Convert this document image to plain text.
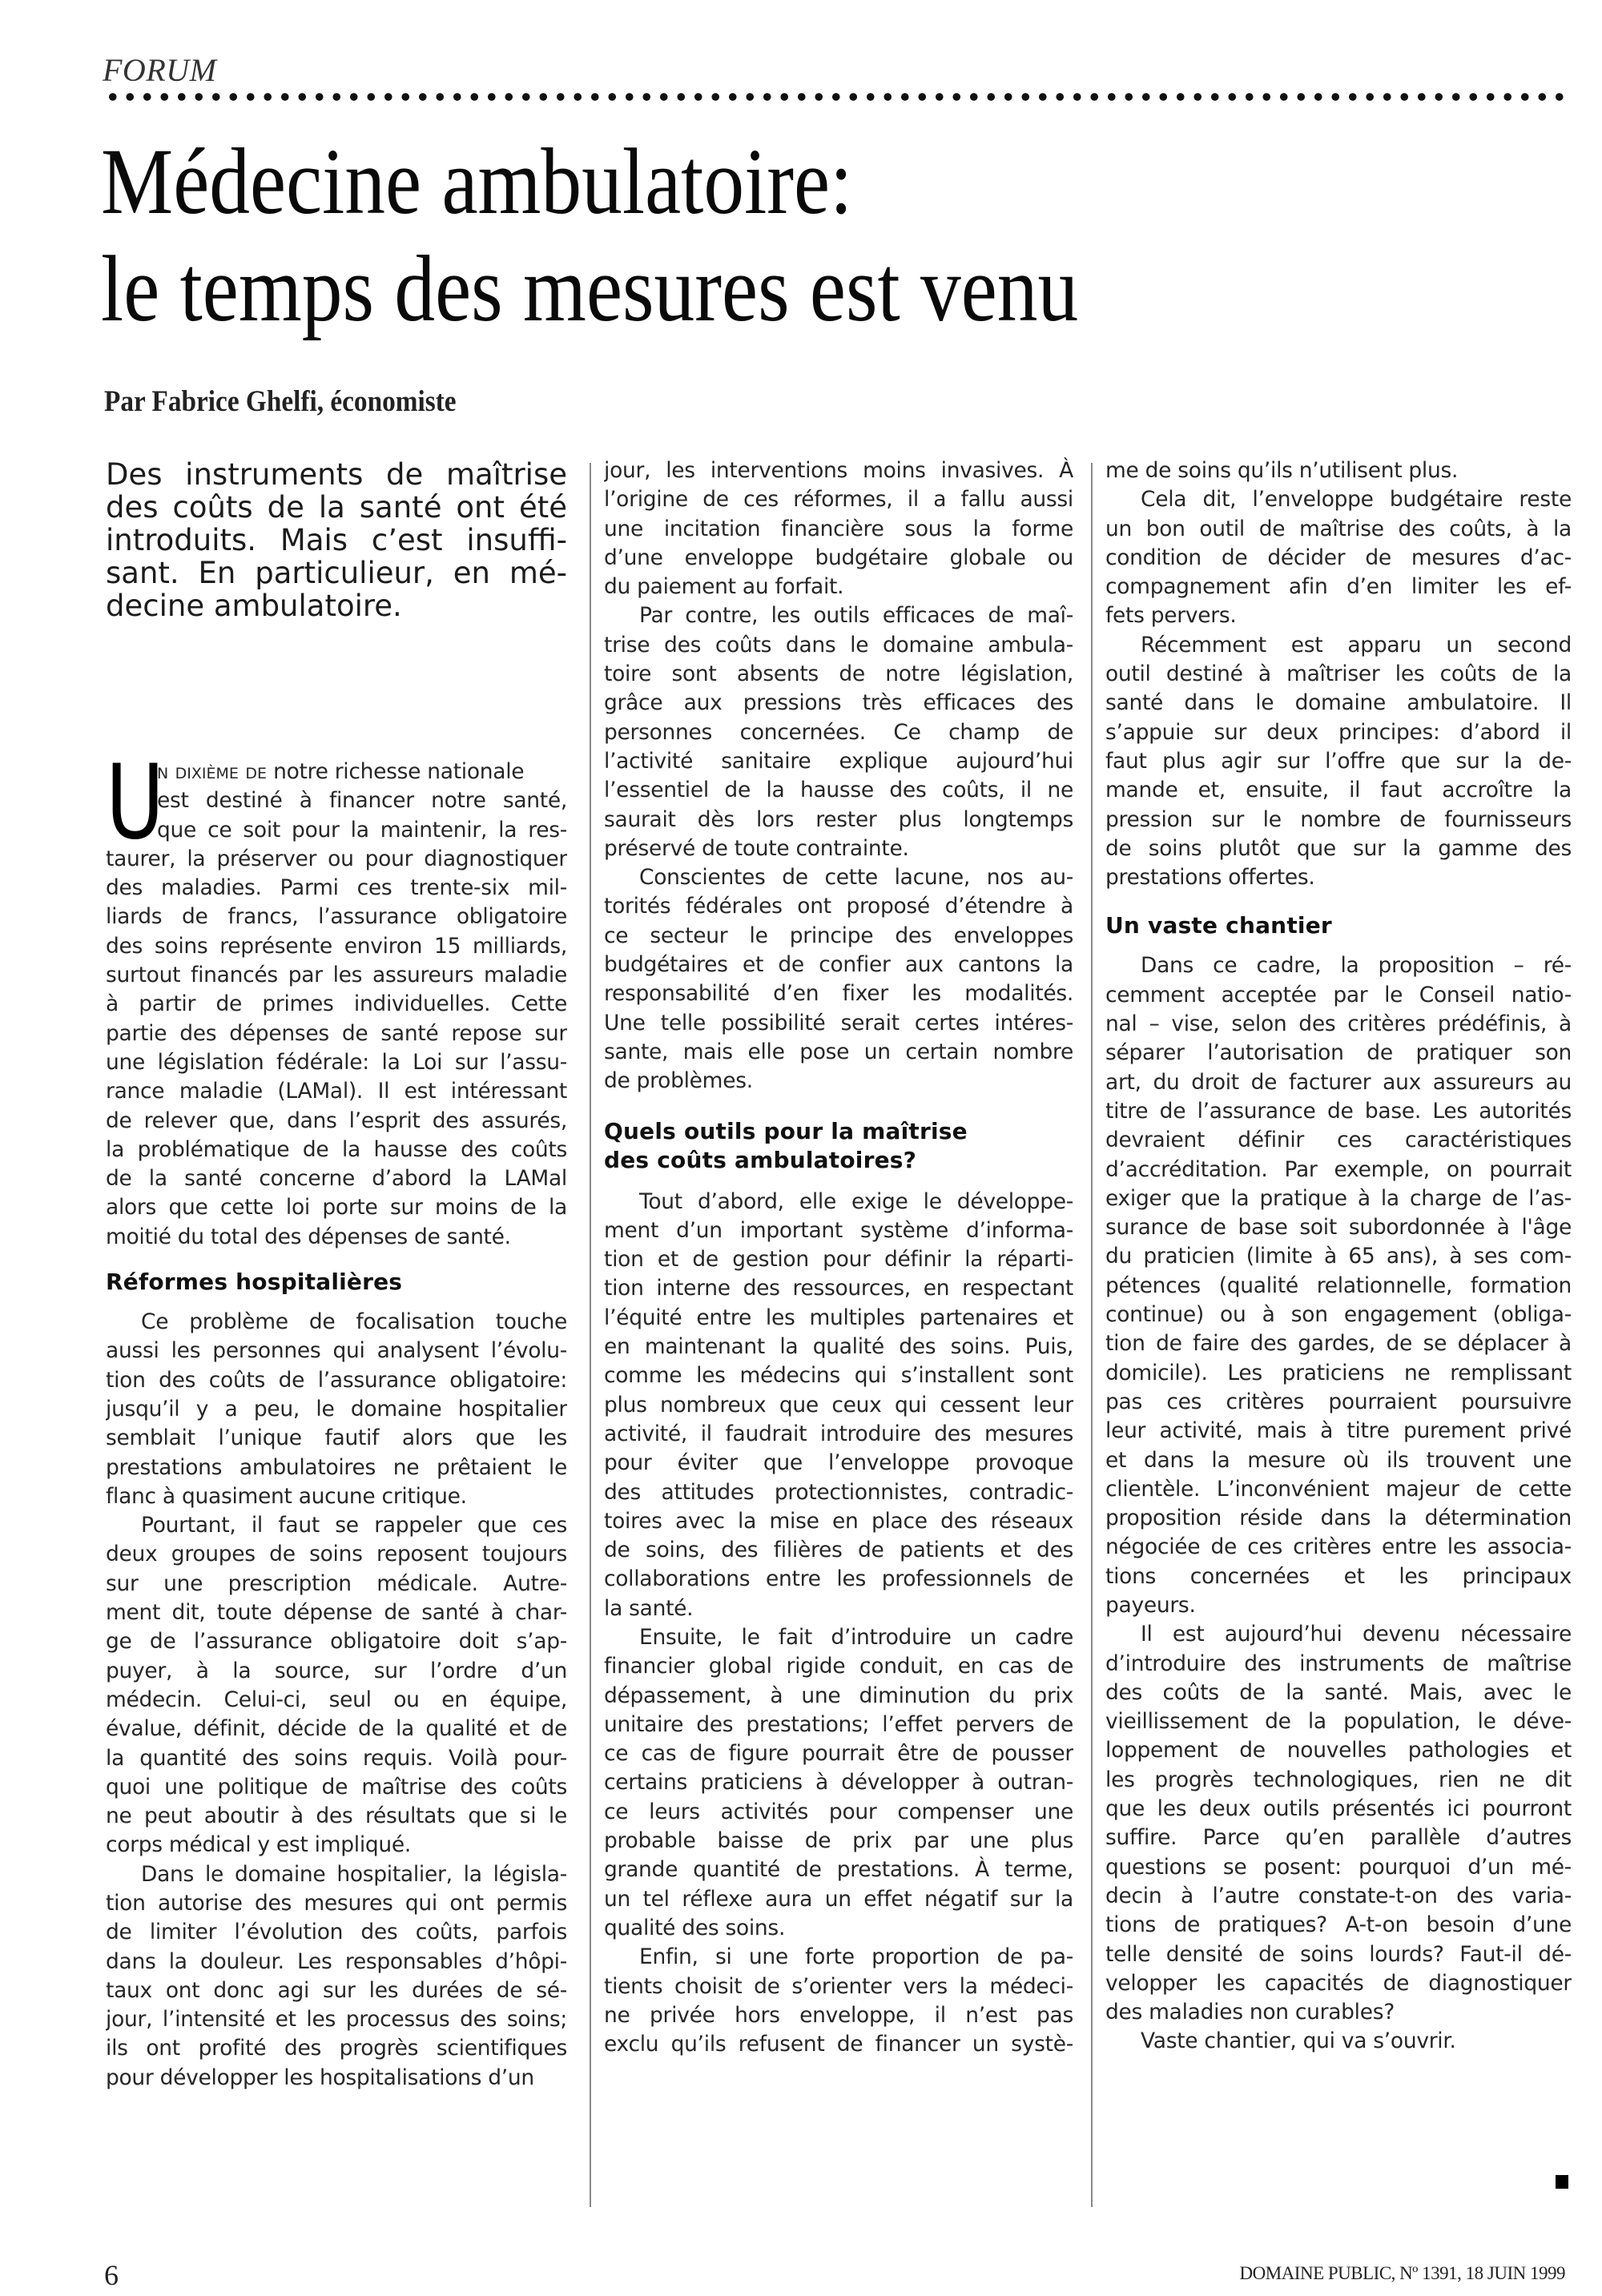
FORUM
Médecine ambulatoire:
le temps des mesures est venu
Par Fabrice Ghelfi, économiste
Des instruments de maîtrise
des coûts de la santé ont été
introduits. Mais c’est insuffi-
sant. En particulieur, en mé-
decine ambulatoire.
U
n dixième de notre richesse nationale
est destiné à financer notre santé,
que ce soit pour la maintenir, la res-
taurer, la préserver ou pour diagnostiquer
des maladies. Parmi ces trente-six mil-
liards de francs, l’assurance obligatoire
des soins représente environ 15 milliards,
surtout financés par les assureurs maladie
à partir de primes individuelles. Cette
partie des dépenses de santé repose sur
une législation fédérale: la Loi sur l’assu-
rance maladie (LAMal). Il est intéressant
de relever que, dans l’esprit des assurés,
la problématique de la hausse des coûts
de la santé concerne d’abord la LAMal
alors que cette loi porte sur moins de la
moitié du total des dépenses de santé.
Réformes hospitalières
Ce problème de focalisation touche
aussi les personnes qui analysent l’évolu-
tion des coûts de l’assurance obligatoire:
jusqu’il y a peu, le domaine hospitalier
semblait l’unique fautif alors que les
prestations ambulatoires ne prêtaient le
flanc à quasiment aucune critique.
Pourtant, il faut se rappeler que ces
deux groupes de soins reposent toujours
sur une prescription médicale. Autre-
ment dit, toute dépense de santé à char-
ge de l’assurance obligatoire doit s’ap-
puyer, à la source, sur l’ordre d’un
médecin. Celui-ci, seul ou en équipe,
évalue, définit, décide de la qualité et de
la quantité des soins requis. Voilà pour-
quoi une politique de maîtrise des coûts
ne peut aboutir à des résultats que si le
corps médical y est impliqué.
Dans le domaine hospitalier, la législa-
tion autorise des mesures qui ont permis
de limiter l’évolution des coûts, parfois
dans la douleur. Les responsables d’hôpi-
taux ont donc agi sur les durées de sé-
jour, l’intensité et les processus des soins;
ils ont profité des progrès scientifiques
pour développer les hospitalisations d’un
jour, les interventions moins invasives. À
l’origine de ces réformes, il a fallu aussi
une incitation financière sous la forme
d’une enveloppe budgétaire globale ou
du paiement au forfait.
Par contre, les outils efficaces de maî-
trise des coûts dans le domaine ambula-
toire sont absents de notre législation,
grâce aux pressions très efficaces des
personnes concernées. Ce champ de
l’activité sanitaire explique aujourd’hui
l’essentiel de la hausse des coûts, il ne
saurait dès lors rester plus longtemps
préservé de toute contrainte.
Conscientes de cette lacune, nos au-
torités fédérales ont proposé d’étendre à
ce secteur le principe des enveloppes
budgétaires et de confier aux cantons la
responsabilité d’en fixer les modalités.
Une telle possibilité serait certes intéres-
sante, mais elle pose un certain nombre
de problèmes.
Quels outils pour la maîtrise
des coûts ambulatoires?
Tout d’abord, elle exige le développe-
ment d’un important système d’informa-
tion et de gestion pour définir la réparti-
tion interne des ressources, en respectant
l’équité entre les multiples partenaires et
en maintenant la qualité des soins. Puis,
comme les médecins qui s’installent sont
plus nombreux que ceux qui cessent leur
activité, il faudrait introduire des mesures
pour éviter que l’enveloppe provoque
des attitudes protectionnistes, contradic-
toires avec la mise en place des réseaux
de soins, des filières de patients et des
collaborations entre les professionnels de
la santé.
Ensuite, le fait d’introduire un cadre
financier global rigide conduit, en cas de
dépassement, à une diminution du prix
unitaire des prestations; l’effet pervers de
ce cas de figure pourrait être de pousser
certains praticiens à développer à outran-
ce leurs activités pour compenser une
probable baisse de prix par une plus
grande quantité de prestations. À terme,
un tel réflexe aura un effet négatif sur la
qualité des soins.
Enfin, si une forte proportion de pa-
tients choisit de s’orienter vers la médeci-
ne privée hors enveloppe, il n’est pas
exclu qu’ils refusent de financer un systè-
me de soins qu’ils n’utilisent plus.
Cela dit, l’enveloppe budgétaire reste
un bon outil de maîtrise des coûts, à la
condition de décider de mesures d’ac-
compagnement afin d’en limiter les ef-
fets pervers.
Récemment est apparu un second
outil destiné à maîtriser les coûts de la
santé dans le domaine ambulatoire. Il
s’appuie sur deux principes: d’abord il
faut plus agir sur l’offre que sur la de-
mande et, ensuite, il faut accroître la
pression sur le nombre de fournisseurs
de soins plutôt que sur la gamme des
prestations offertes.
Un vaste chantier
Dans ce cadre, la proposition – ré-
cemment acceptée par le Conseil natio-
nal – vise, selon des critères prédéfinis, à
séparer l’autorisation de pratiquer son
art, du droit de facturer aux assureurs au
titre de l’assurance de base. Les autorités
devraient définir ces caractéristiques
d’accréditation. Par exemple, on pourrait
exiger que la pratique à la charge de l’as-
surance de base soit subordonnée à l'âge
du praticien (limite à 65 ans), à ses com-
pétences (qualité relationnelle, formation
continue) ou à son engagement (obliga-
tion de faire des gardes, de se déplacer à
domicile). Les praticiens ne remplissant
pas ces critères pourraient poursuivre
leur activité, mais à titre purement privé
et dans la mesure où ils trouvent une
clientèle. L’inconvénient majeur de cette
proposition réside dans la détermination
négociée de ces critères entre les associa-
tions concernées et les principaux
payeurs.
Il est aujourd’hui devenu nécessaire
d’introduire des instruments de maîtrise
des coûts de la santé. Mais, avec le
vieillissement de la population, le déve-
loppement de nouvelles pathologies et
les progrès technologiques, rien ne dit
que les deux outils présentés ici pourront
suffire. Parce qu’en parallèle d’autres
questions se posent: pourquoi d’un mé-
decin à l’autre constate-t-on des varia-
tions de pratiques? A-t-on besoin d’une
telle densité de soins lourds? Faut-il dé-
velopper les capacités de diagnostiquer
des maladies non curables?
Vaste chantier, qui va s’ouvrir.
6	DOMAINE PUBLIC, Nº 1391, 18 JUIN 1999
